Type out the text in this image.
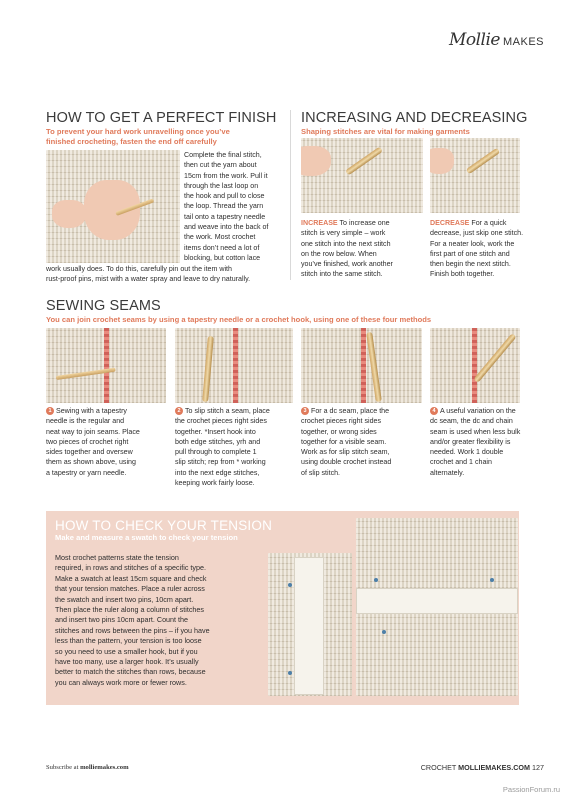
Mollie MAKES
HOW TO GET A PERFECT FINISH
To prevent your hard work unravelling once you’ve
finished crocheting, fasten the end off carefully
Complete the final stitch,
then cut the yarn about
15cm from the work. Pull it
through the last loop on
the hook and pull to close
the loop. Thread the yarn
tail onto a tapestry needle
and weave into the back of
the work. Most crochet
items don’t need a lot of
blocking, but cotton lace
work usually does. To do this, carefully pin out the item with
rust-proof pins, mist with a water spray and leave to dry naturally.
INCREASING AND DECREASING
Shaping stitches are vital for making garments
INCREASE To increase one
stitch is very simple – work
one stitch into the next stitch
on the row below. When
you’ve finished, work another
stitch into the same stitch.
DECREASE For a quick
decrease, just skip one stitch.
For a neater look, work the
first part of one stitch and
then begin the next stitch.
Finish both together.
SEWING SEAMS
You can join crochet seams by using a tapestry needle or a crochet hook, using one of these four methods
1 Sewing with a tapestry
needle is the regular and
neat way to join seams. Place
two pieces of crochet right
sides together and oversew
them as shown above, using
a tapestry or yarn needle.
2 To slip stitch a seam, place
the crochet pieces right sides
together. *Insert hook into
both edge stitches, yrh and
pull through to complete 1
slip stitch; rep from * working
into the next edge stitches,
keeping work fairly loose.
3 For a dc seam, place the
crochet pieces right sides
together, or wrong sides
together for a visible seam.
Work as for slip stitch seam,
using double crochet instead
of slip stitch.
4 A useful variation on the
dc seam, the dc and chain
seam is used when less bulk
and/or greater flexibility is
needed. Work 1 double
crochet and 1 chain
alternately.
HOW TO CHECK YOUR TENSION
Make and measure a swatch to check your tension
Most crochet patterns state the tension
required, in rows and stitches of a specific type.
Make a swatch at least 15cm square and check
that your tension matches. Place a ruler across
the swatch and insert two pins, 10cm apart.
Then place the ruler along a column of stitches
and insert two pins 10cm apart. Count the
stitches and rows between the pins – if you have
less than the pattern, your tension is too loose
so you need to use a smaller hook, but if you
have too many, use a larger hook. It’s usually
better to match the stitches than rows, because
you can always work more or fewer rows.
Subscribe at molliemakes.com	CROCHET MOLLIEMAKES.COM 127
PassionForum.ru
